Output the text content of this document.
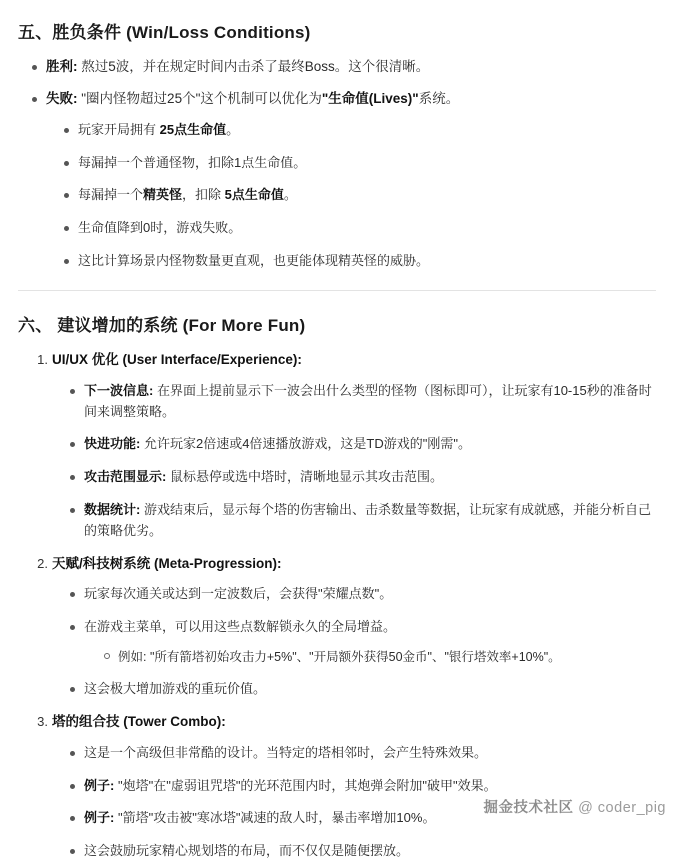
五、胜负条件 (Win/Loss Conditions)
胜利: 熬过5波，并在规定时间内击杀了最终Boss。这个很清晰。
失败: "圈内怪物超过25个"这个机制可以优化为"生命值(Lives)"系统。
玩家开局拥有 25点生命值。
每漏掉一个普通怪物，扣除1点生命值。
每漏掉一个精英怪，扣除 5点生命值。
生命值降到0时，游戏失败。
这比计算场景内怪物数量更直观，也更能体现精英怪的威胁。
六、 建议增加的系统 (For More Fun)
UI/UX 优化 (User Interface/Experience):
下一波信息: 在界面上提前显示下一波会出什么类型的怪物（图标即可），让玩家有10-15秒的准备时间来调整策略。
快进功能: 允许玩家2倍速或4倍速播放游戏，这是TD游戏的"刚需"。
攻击范围显示: 鼠标悬停或选中塔时，清晰地显示其攻击范围。
数据统计: 游戏结束后，显示每个塔的伤害输出、击杀数量等数据，让玩家有成就感，并能分析自己的策略优劣。
天赋/科技树系统 (Meta-Progression):
玩家每次通关或达到一定波数后，会获得"荣耀点数"。
在游戏主菜单，可以用这些点数解锁永久的全局增益。
例如: "所有箭塔初始攻击力+5%"、"开局额外获得50金币"、"银行塔效率+10%"。
这会极大增加游戏的重玩价值。
塔的组合技 (Tower Combo):
这是一个高级但非常酷的设计。当特定的塔相邻时，会产生特殊效果。
例子: "炮塔"在"虚弱诅咒塔"的光环范围内时，其炮弹会附加"破甲"效果。
例子: "箭塔"攻击被"寒冰塔"减速的敌人时，暴击率增加10%。
这会鼓励玩家精心规划塔的布局，而不仅仅是随便摆放。
掘金技术社区 @ coder_pig
